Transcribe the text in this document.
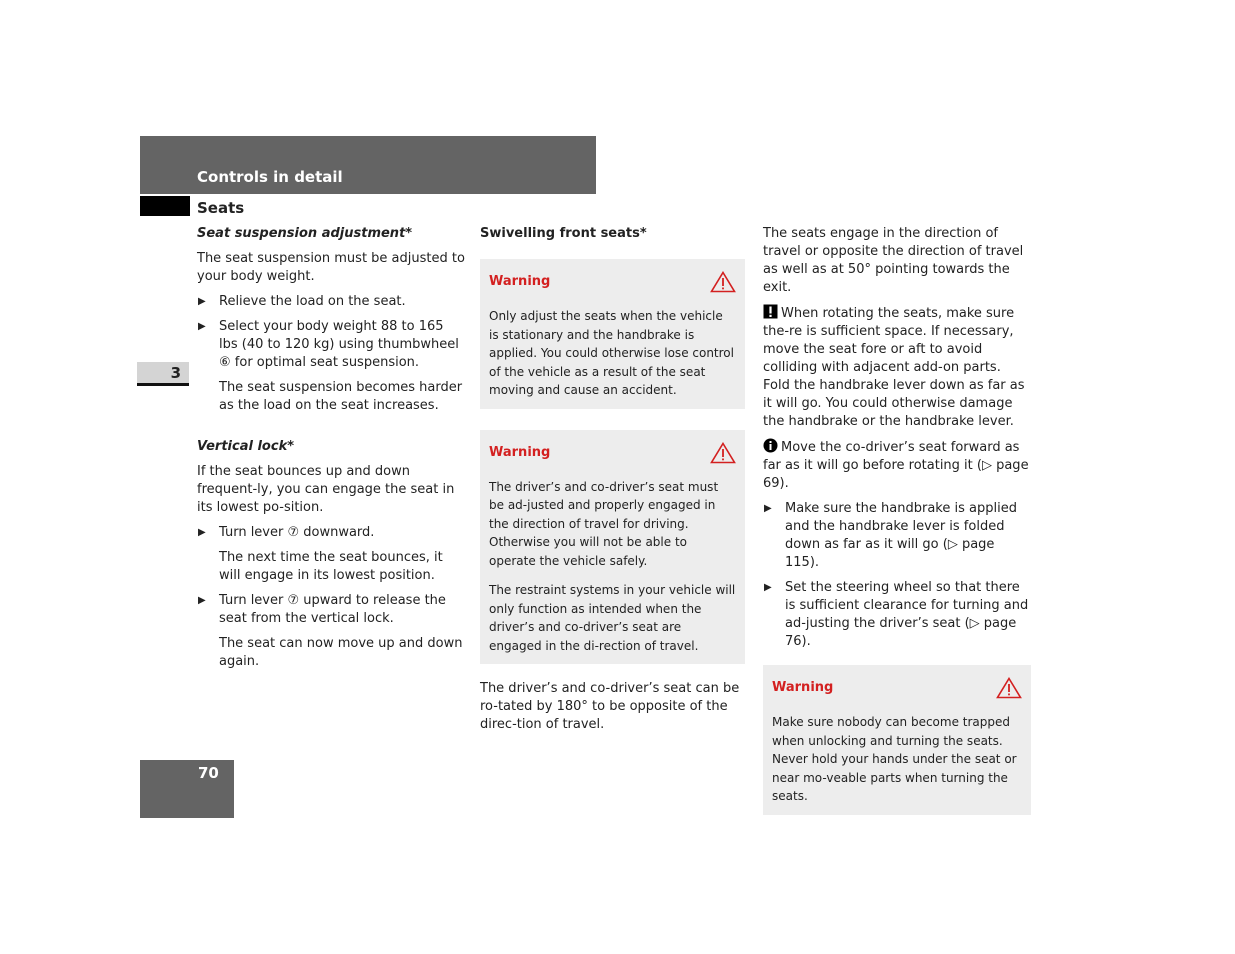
Controls in detail
Seats
3
70
Seat suspension adjustment*

The seat suspension must be adjusted to your body weight.

▶ Relieve the load on the seat.
▶ Select your body weight 88 to 165 lbs (40 to 120 kg) using thumbwheel ⑥ for optimal seat suspension.
The seat suspension becomes harder as the load on the seat increases.
Vertical lock*

If the seat bounces up and down frequent-ly, you can engage the seat in its lowest po-sition.

▶ Turn lever ⑦ downward.
The next time the seat bounces, it will engage in its lowest position.
▶ Turn lever ⑦ upward to release the seat from the vertical lock.
The seat can now move up and down again.
Swivelling front seats*
Warning

Only adjust the seats when the vehicle is stationary and the handbrake is applied. You could otherwise lose control of the vehicle as a result of the seat moving and cause an accident.

Warning

The driver’s and co-driver’s seat must be ad-justed and properly engaged in the direction of travel for driving. Otherwise you will not be able to operate the vehicle safely.

The restraint systems in your vehicle will only function as intended when the driver’s and co-driver’s seat are engaged in the di-rection of travel.

The driver’s and co-driver’s seat can be ro-tated by 180° to be opposite of the direc-tion of travel.

The seats engage in the direction of travel or opposite the direction of travel as well as at 50° pointing towards the exit.

When rotating the seats, make sure the-re is sufficient space. If necessary, move the seat fore or aft to avoid colliding with adjacent add-on parts.

Fold the handbrake lever down as far as it will go. You could otherwise damage the handbrake or the handbrake lever.

Move the co-driver’s seat forward as far as it will go before rotating it (▷ page 69).

▶ Make sure the handbrake is applied and the handbrake lever is folded down as far as it will go (▷ page 115).
▶ Set the steering wheel so that there is sufficient clearance for turning and ad-justing the driver’s seat (▷ page 76).
Warning

Make sure nobody can become trapped when unlocking and turning the seats. Never hold your hands under the seat or near mo-veable parts when turning the seats.
